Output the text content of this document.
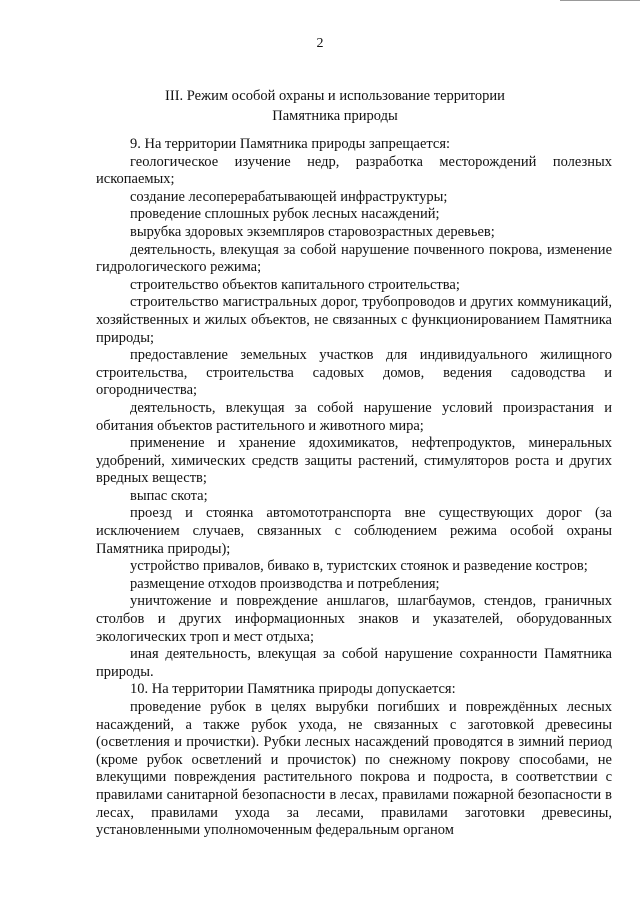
2
III. Режим особой охраны и использование территории
Памятника природы

9. На территории Памятника природы запрещается:

геологическое изучение недр, разработка месторождений полезных ископаемых;

создание лесоперерабатывающей инфраструктуры;

проведение сплошных рубок лесных насаждений;

вырубка здоровых экземпляров старовозрастных деревьев;

деятельность, влекущая за собой нарушение почвенного покрова, изменение гидрологического режима;

строительство объектов капитального строительства;

строительство магистральных дорог, трубопроводов и других коммуникаций, хозяйственных и жилых объектов, не связанных с функционированием Памятника природы;

предоставление земельных участков для индивидуального жилищного строительства, строительства садовых домов, ведения садоводства и огородничества;

деятельность, влекущая за собой нарушение условий произрастания и обитания объектов растительного и животного мира;

применение и хранение ядохимикатов, нефтепродуктов, минеральных удобрений, химических средств защиты растений, стимуляторов роста и других вредных веществ;

выпас скота;

проезд и стоянка автомототранспорта вне существующих дорог (за исключением случаев, связанных с соблюдением режима особой охраны Памятника природы);

устройство привалов, бивако в, туристских стоянок и разведение костров;

размещение отходов производства и потребления;

уничтожение и повреждение аншлагов, шлагбаумов, стендов, граничных столбов и других информационных знаков и указателей, оборудованных экологических троп и мест отдыха;

иная деятельность, влекущая за собой нарушение сохранности Памятника природы.

10. На территории Памятника природы допускается:

проведение рубок в целях вырубки погибших и повреждённых лесных насаждений, а также рубок ухода, не связанных с заготовкой древесины (осветления и прочистки). Рубки лесных насаждений проводятся в зимний период (кроме рубок осветлений и прочисток) по снежному покрову способами, не влекущими повреждения растительного покрова и подроста, в соответствии с правилами санитарной безопасности в лесах, правилами пожарной безопасности в лесах, правилами ухода за лесами, правилами заготовки древесины, установленными уполномоченным федеральным органом
